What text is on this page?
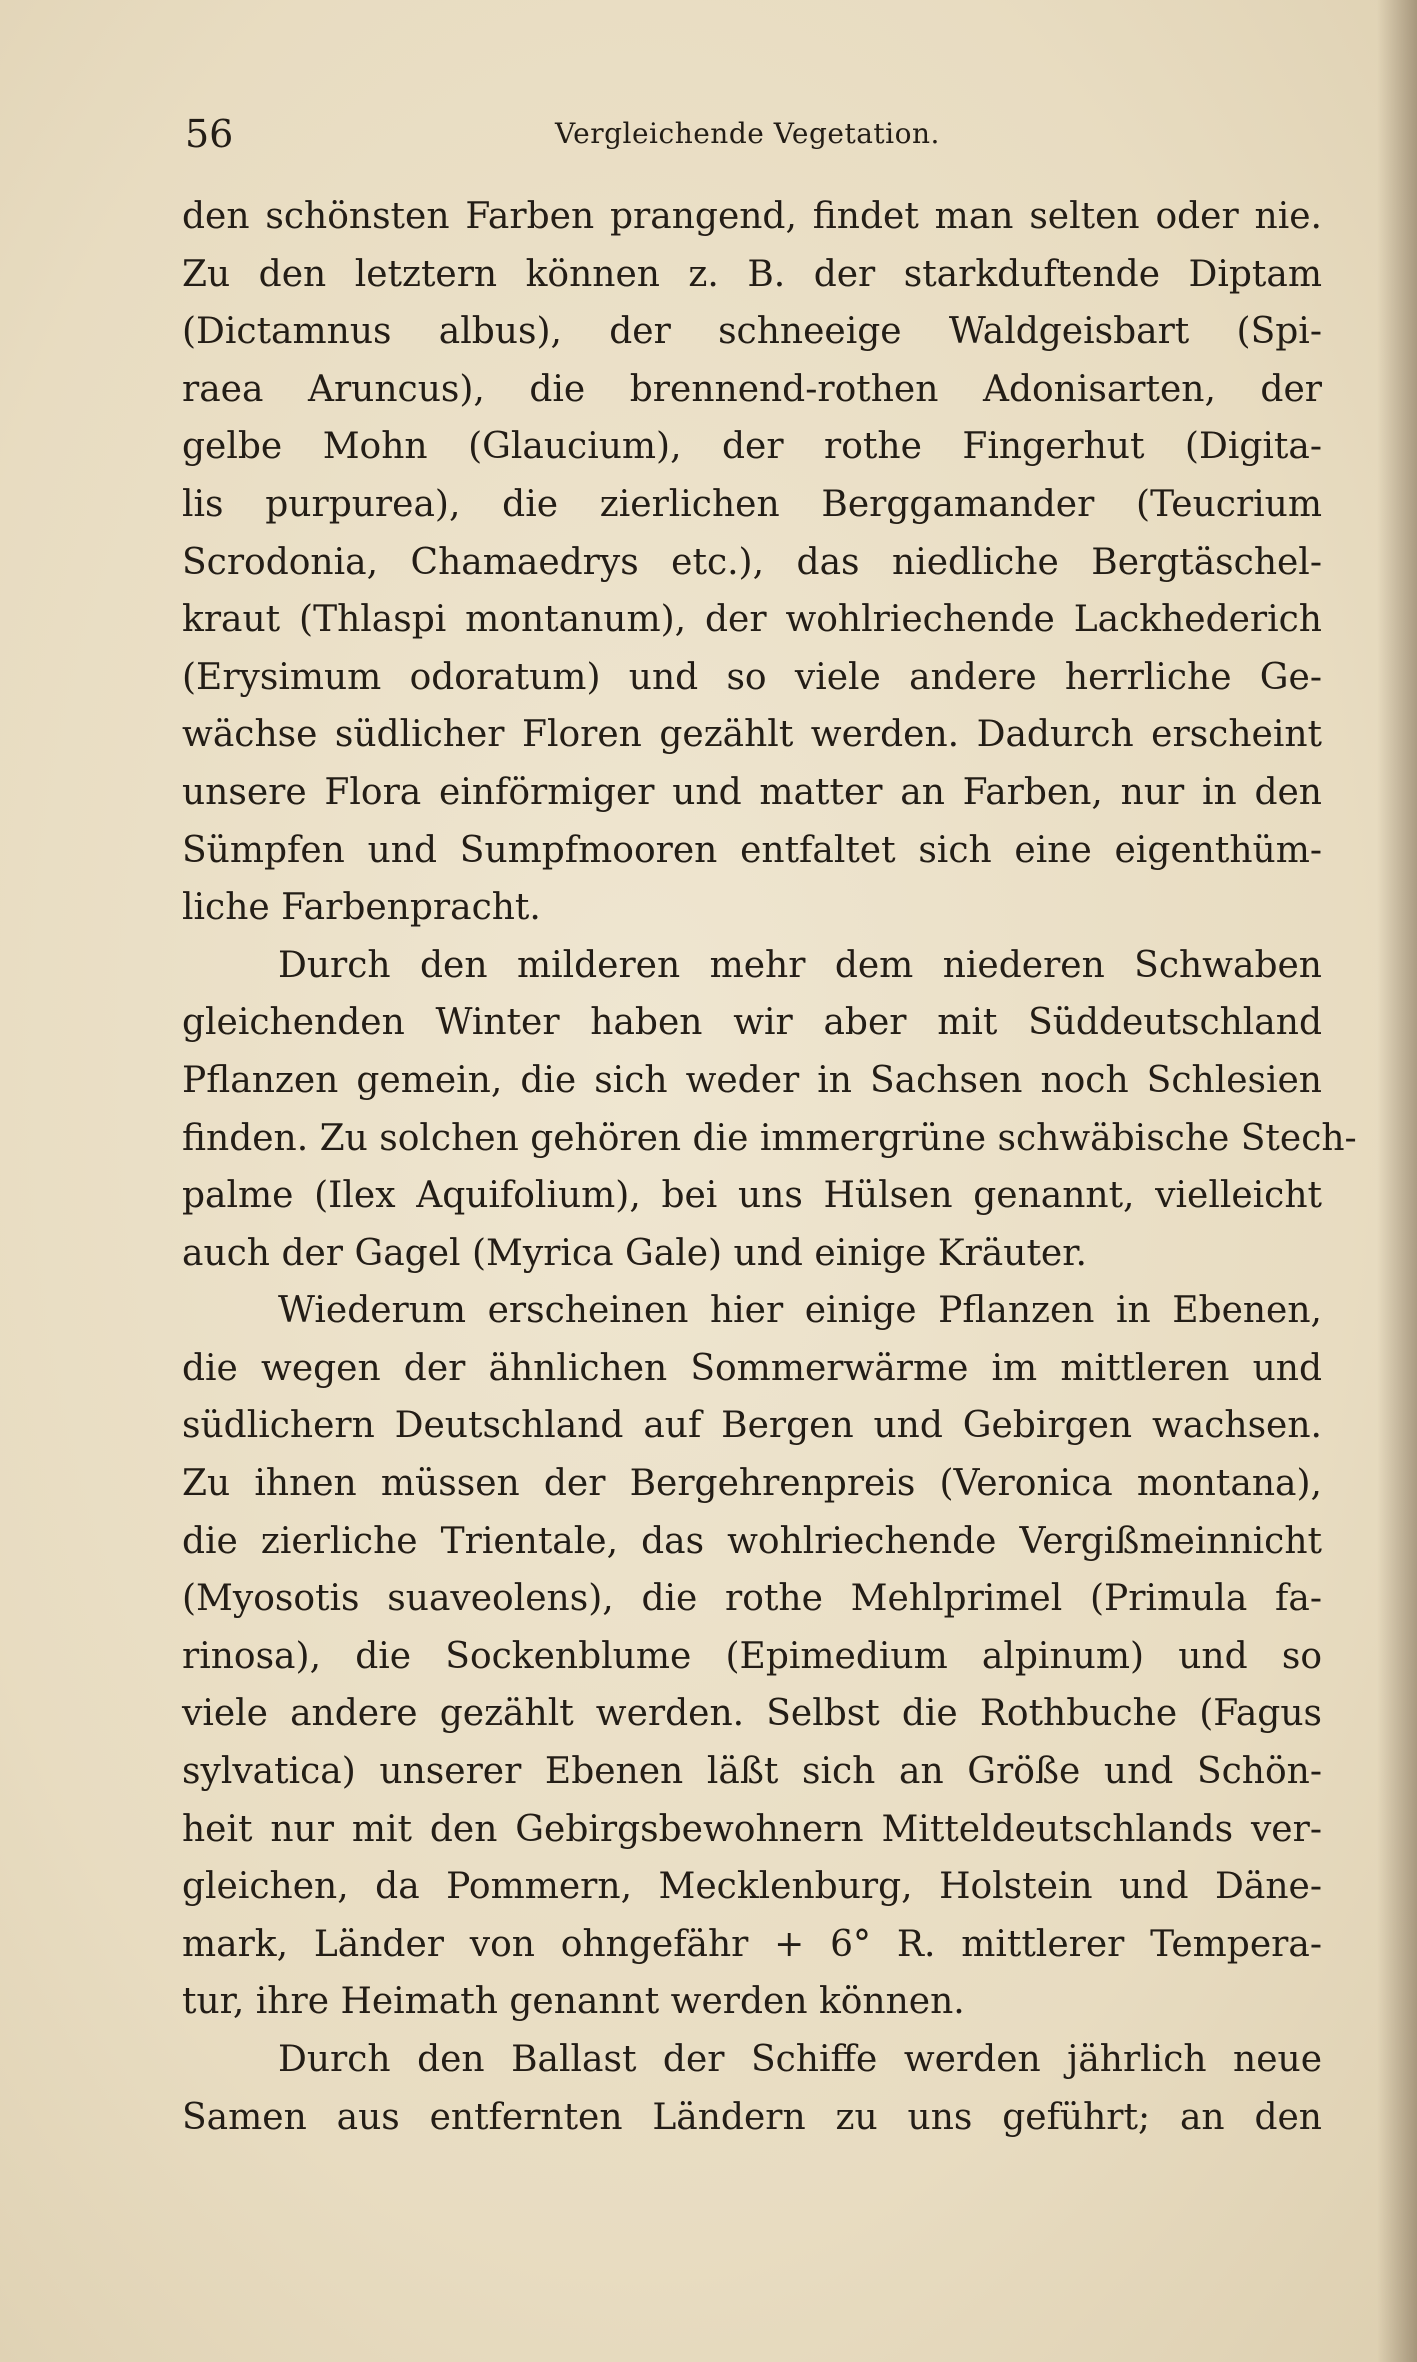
56	Vergleichende Vegetation.
den schönsten Farben prangend, findet man selten oder nie.
Zu den letztern können z. B. der starkduftende Diptam
(Dictamnus albus), der schneeige Waldgeisbart (Spi-
raea Aruncus), die brennend-rothen Adonisarten, der
gelbe Mohn (Glaucium), der rothe Fingerhut (Digita-
lis purpurea), die zierlichen Berggamander (Teucrium
Scrodonia, Chamaedrys etc.), das niedliche Bergtäschel-
kraut (Thlaspi montanum), der wohlriechende Lackhederich
(Erysimum odoratum) und so viele andere herrliche Ge-
wächse südlicher Floren gezählt werden. Dadurch erscheint
unsere Flora einförmiger und matter an Farben, nur in den
Sümpfen und Sumpfmooren entfaltet sich eine eigenthüm-
liche Farbenpracht.
Durch den milderen mehr dem niederen Schwaben
gleichenden Winter haben wir aber mit Süddeutschland
Pflanzen gemein, die sich weder in Sachsen noch Schlesien
finden. Zu solchen gehören die immergrüne schwäbische Stech-
palme (Ilex Aquifolium), bei uns Hülsen genannt, vielleicht
auch der Gagel (Myrica Gale) und einige Kräuter.
Wiederum erscheinen hier einige Pflanzen in Ebenen,
die wegen der ähnlichen Sommerwärme im mittleren und
südlichern Deutschland auf Bergen und Gebirgen wachsen.
Zu ihnen müssen der Bergehrenpreis (Veronica montana),
die zierliche Trientale, das wohlriechende Vergißmeinnicht
(Myosotis suaveolens), die rothe Mehlprimel (Primula fa-
rinosa), die Sockenblume (Epimedium alpinum) und so
viele andere gezählt werden. Selbst die Rothbuche (Fagus
sylvatica) unserer Ebenen läßt sich an Größe und Schön-
heit nur mit den Gebirgsbewohnern Mitteldeutschlands ver-
gleichen, da Pommern, Mecklenburg, Holstein und Däne-
mark, Länder von ohngefähr + 6° R. mittlerer Tempera-
tur, ihre Heimath genannt werden können.
Durch den Ballast der Schiffe werden jährlich neue
Samen aus entfernten Ländern zu uns geführt; an den
